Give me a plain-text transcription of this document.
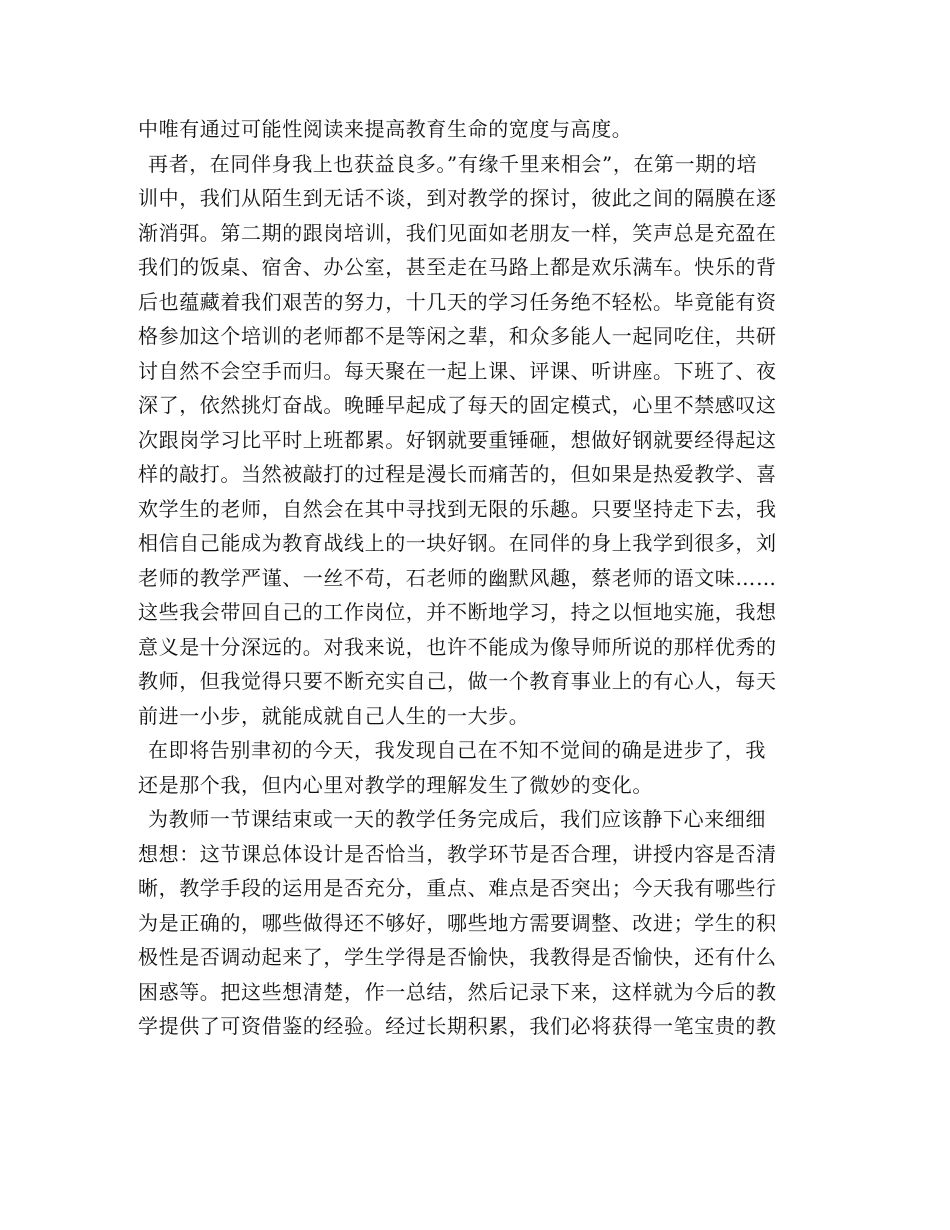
中唯有通过可能性阅读来提高教育生命的宽度与高度。
再者，在同伴身我上也获益良多。”有缘千里来相会”，在第一期的培
训中，我们从陌生到无话不谈，到对教学的探讨，彼此之间的隔膜在逐
渐消弭。第二期的跟岗培训，我们见面如老朋友一样，笑声总是充盈在
我们的饭桌、宿舍、办公室，甚至走在马路上都是欢乐满车。快乐的背
后也蕴藏着我们艰苦的努力，十几天的学习任务绝不轻松。毕竟能有资
格参加这个培训的老师都不是等闲之辈，和众多能人一起同吃住，共研
讨自然不会空手而归。每天聚在一起上课、评课、听讲座。下班了、夜
深了，依然挑灯奋战。晚睡早起成了每天的固定模式，心里不禁感叹这
次跟岗学习比平时上班都累。好钢就要重锤砸，想做好钢就要经得起这
样的敲打。当然被敲打的过程是漫长而痛苦的，但如果是热爱教学、喜
欢学生的老师，自然会在其中寻找到无限的乐趣。只要坚持走下去，我
相信自己能成为教育战线上的一块好钢。在同伴的身上我学到很多，刘
老师的教学严谨、一丝不苟，石老师的幽默风趣，蔡老师的语文味……
这些我会带回自己的工作岗位，并不断地学习，持之以恒地实施，我想
意义是十分深远的。对我来说，也许不能成为像导师所说的那样优秀的
教师，但我觉得只要不断充实自己，做一个教育事业上的有心人，每天
前进一小步，就能成就自己人生的一大步。
在即将告别聿初的今天，我发现自己在不知不觉间的确是进步了，我
还是那个我，但内心里对教学的理解发生了微妙的变化。
为教师一节课结束或一天的教学任务完成后，我们应该静下心来细细
想想：这节课总体设计是否恰当，教学环节是否合理，讲授内容是否清
晰，教学手段的运用是否充分，重点、难点是否突出；今天我有哪些行
为是正确的，哪些做得还不够好，哪些地方需要调整、改进；学生的积
极性是否调动起来了，学生学得是否愉快，我教得是否愉快，还有什么
困惑等。把这些想清楚，作一总结，然后记录下来，这样就为今后的教
学提供了可资借鉴的经验。经过长期积累，我们必将获得一笔宝贵的教
